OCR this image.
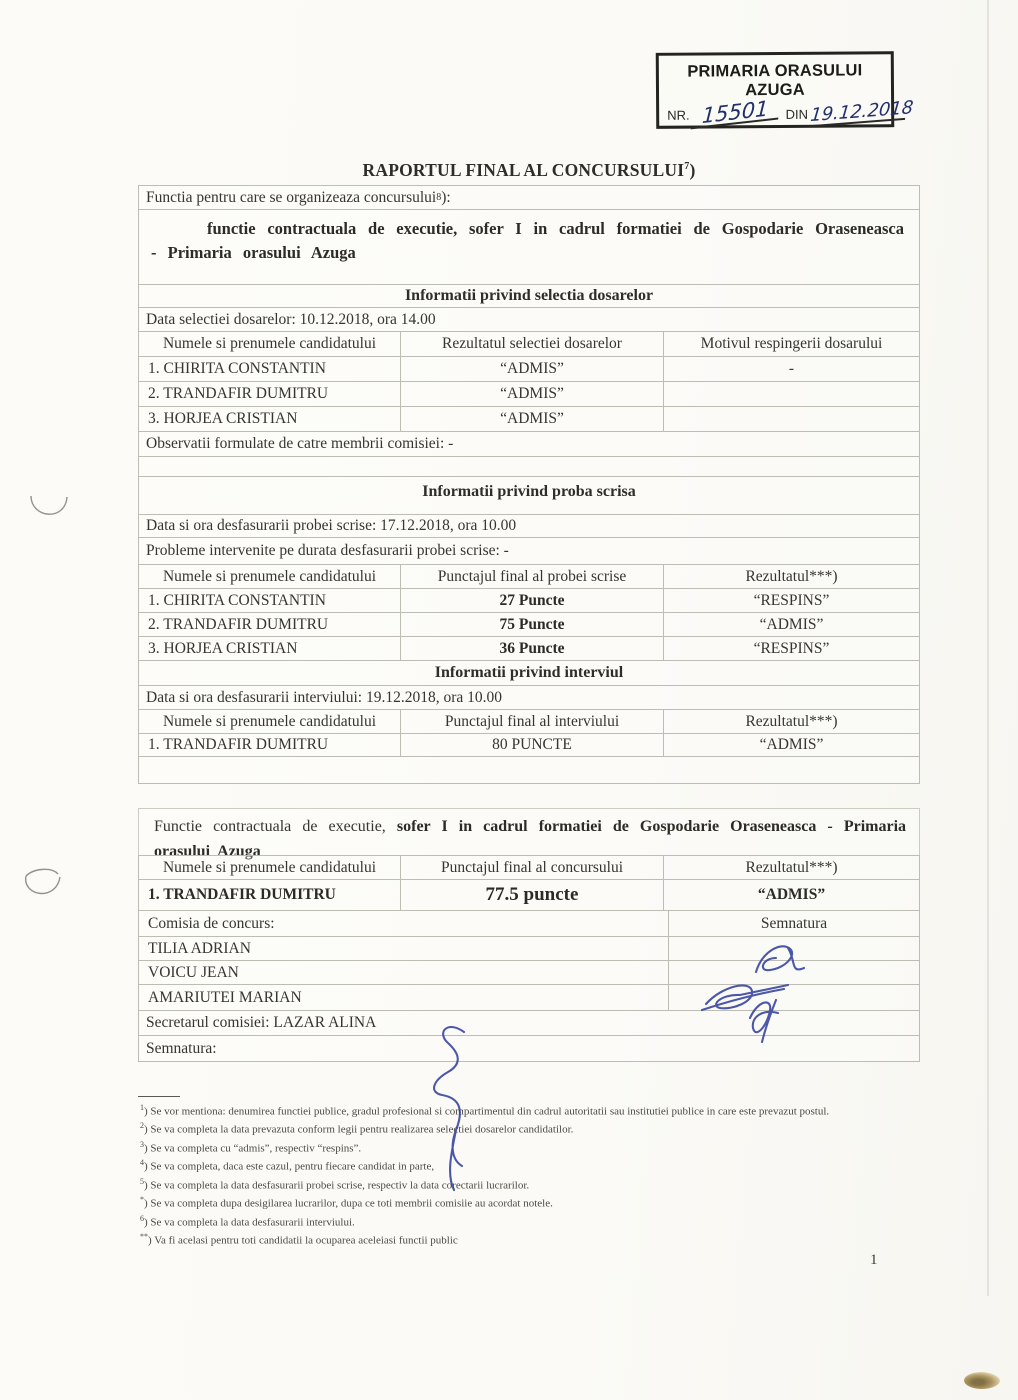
PRIMARIA ORASULUI AZUGA
NR. 15501	DIN 19.12.2018
RAPORTUL FINAL AL CONCURSULUI$^7$)
Functia pentru care se organizeaza concursului 8 ):
functie contractuala de executie, sofer I in cadrul formatiei de Gospodarie Oraseneasca - Primaria orasului Azuga
Informatii privind selectia dosarelor
Data selectiei dosarelor: 10.12.2018, ora 14.00
Numele si prenumele candidatului	Rezultatul selectiei dosarelor	Motivul respingerii dosarului
1. CHIRITA CONSTANTIN	“ADMIS”	-
2. TRANDAFIR DUMITRU	“ADMIS”
3. HORJEA CRISTIAN	“ADMIS”
Observatii formulate de catre membrii comisiei: -
Informatii privind proba scrisa
Data si ora desfasurarii probei scrise: 17.12.2018, ora 10.00
Probleme intervenite pe durata desfasurarii probei scrise: -
Numele si prenumele candidatului	Punctajul final al probei scrise	Rezultatul***)
1. CHIRITA CONSTANTIN	27 Puncte	“RESPINS”
2. TRANDAFIR DUMITRU	75 Puncte	“ADMIS”
3. HORJEA CRISTIAN	36 Puncte	“RESPINS”
Informatii privind interviul
Data si ora desfasurarii interviului: 19.12.2018, ora 10.00
Numele si prenumele candidatului	Punctajul final al interviului	Rezultatul***)
1. TRANDAFIR DUMITRU	80 PUNCTE	“ADMIS”
Functie contractuala de executie, sofer I in cadrul formatiei de Gospodarie Oraseneasca - Primaria orasului Azuga
Numele si prenumele candidatului	Punctajul final al concursului	Rezultatul***)
1. TRANDAFIR DUMITRU	77.5 puncte	“ADMIS”
Comisia de concurs:	Semnatura
TILIA ADRIAN
VOICU JEAN
AMARIUTEI MARIAN
Secretarul comisiei: LAZAR ALINA
Semnatura:
$^1$) Se vor mentiona: denumirea functiei publice, gradul profesional si compartimentul din cadrul autoritatii sau institutiei publice in care este prevazut postul.
$^2$) Se va completa la data prevazuta conform legii pentru realizarea selectiei dosarelor candidatilor.
$^3$) Se va completa cu “admis”, respectiv “respins”.
$^4$) Se va completa, daca este cazul, pentru fiecare candidat in parte,
$^5$) Se va completa la data desfasurarii probei scrise, respectiv la data corectarii lucrarilor.
*) Se va completa dupa desigilarea lucrarilor, dupa ce toti membrii comisiie au acordat notele.
$^6$) Se va completa la data desfasurarii interviului.
**) Va fi acelasi pentru toti candidatii la ocuparea aceleiasi functii public
1
